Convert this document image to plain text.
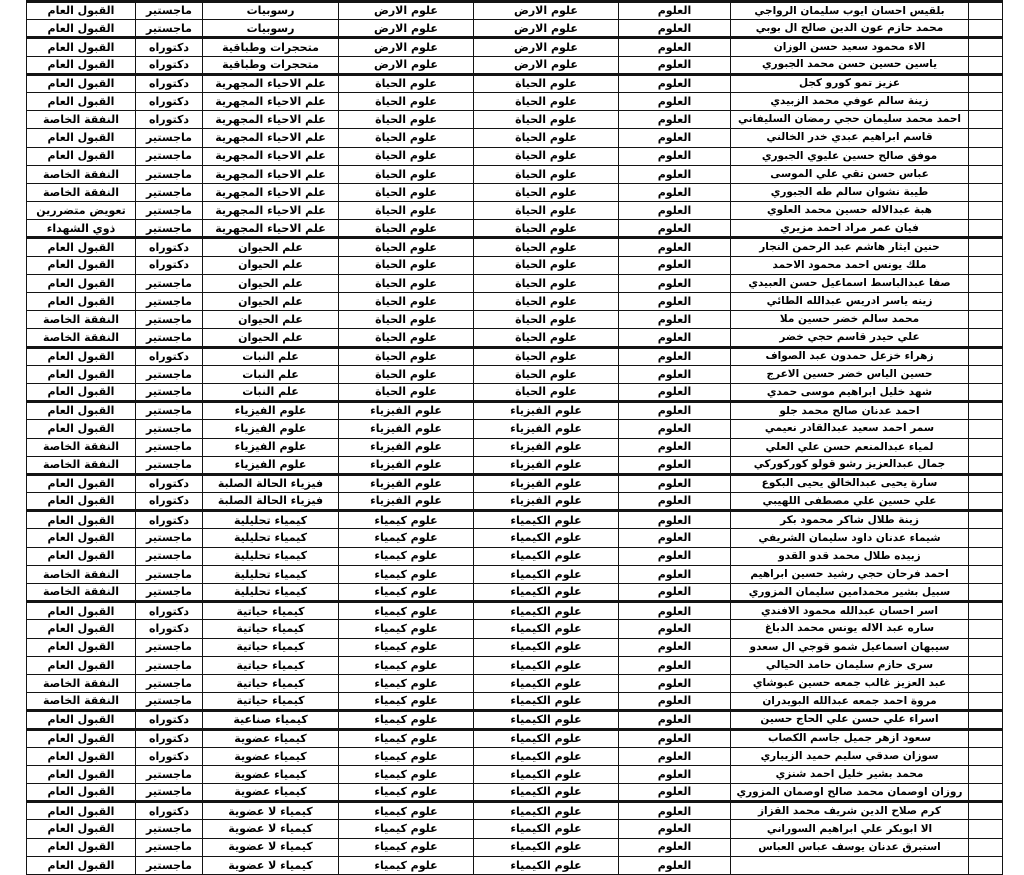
	بلقيس احسان ايوب سليمان الرواجي	العلوم	علوم الارض	علوم الارض	رسوبيات	ماجستير	القبول العام
	محمد حازم عون الدين صالح ال بوبي	العلوم	علوم الارض	علوم الارض	رسوبيات	ماجستير	القبول العام
	الاء محمود سعيد حسن الوزان	العلوم	علوم الارض	علوم الارض	متحجرات وطباقية	دكتوراه	القبول العام
	ياسين حسين حسن محمد الجبوري	العلوم	علوم الارض	علوم الارض	متحجرات وطباقية	دكتوراه	القبول العام
	عزيز تمو كورو كجل	العلوم	علوم الحياة	علوم الحياة	علم الاحياء المجهرية	دكتوراه	القبول العام
	زينة سالم عوفي محمد الزبيدي	العلوم	علوم الحياة	علوم الحياة	علم الاحياء المجهرية	دكتوراه	القبول العام
	احمد محمد سليمان حجي رمضان السليفاني	العلوم	علوم الحياة	علوم الحياة	علم الاحياء المجهرية	دكتوراه	النفقة الخاصة
	قاسم ابراهيم عبدي خدر الخالني	العلوم	علوم الحياة	علوم الحياة	علم الاحياء المجهرية	ماجستير	القبول العام
	موفق صالح حسين عليوي الجبوري	العلوم	علوم الحياة	علوم الحياة	علم الاحياء المجهرية	ماجستير	القبول العام
	عباس حسن تقي علي الموسى	العلوم	علوم الحياة	علوم الحياة	علم الاحياء المجهرية	ماجستير	النفقة الخاصة
	طيبة نشوان سالم طه الجبوري	العلوم	علوم الحياة	علوم الحياة	علم الاحياء المجهرية	ماجستير	النفقة الخاصة
	هبة عبدالاله حسين محمد العلوي	العلوم	علوم الحياة	علوم الحياة	علم الاحياء المجهرية	ماجستير	تعويض متضررين
	فيان عمر مراد احمد مزيري	العلوم	علوم الحياة	علوم الحياة	علم الاحياء المجهرية	ماجستير	ذوي الشهداء
	حنين ايثار هاشم عبد الرحمن النجار	العلوم	علوم الحياة	علوم الحياة	علم الحيوان	دكتوراه	القبول العام
	ملك يونس احمد محمود الاحمد	العلوم	علوم الحياة	علوم الحياة	علم الحيوان	دكتوراه	القبول العام
	صفا عبدالباسط اسماعيل حسن العبيدي	العلوم	علوم الحياة	علوم الحياة	علم الحيوان	ماجستير	القبول العام
	زينه ياسر ادريس عبدالله الطائي	العلوم	علوم الحياة	علوم الحياة	علم الحيوان	ماجستير	القبول العام
	محمد سالم خضر حسين ملا	العلوم	علوم الحياة	علوم الحياة	علم الحيوان	ماجستير	النفقة الخاصة
	علي حيدر قاسم حجي خضر	العلوم	علوم الحياة	علوم الحياة	علم الحيوان	ماجستير	النفقة الخاصة
	زهراء خزعل حمدون عبد الصواف	العلوم	علوم الحياة	علوم الحياة	علم النبات	دكتوراه	القبول العام
	حسين الياس خضر حسين الاعرج	العلوم	علوم الحياة	علوم الحياة	علم النبات	ماجستير	القبول العام
	شهد خليل ابراهيم موسى حمدي	العلوم	علوم الحياة	علوم الحياة	علم النبات	ماجستير	القبول العام
	احمد عدنان صالح محمد جلو	العلوم	علوم الفيزياء	علوم الفيزياء	علوم الفيزياء	ماجستير	القبول العام
	سمر احمد سعيد عبدالقادر نعيمي	العلوم	علوم الفيزياء	علوم الفيزياء	علوم الفيزياء	ماجستير	القبول العام
	لمياء عبدالمنعم حسن علي العلي	العلوم	علوم الفيزياء	علوم الفيزياء	علوم الفيزياء	ماجستير	النفقة الخاصة
	جمال عبدالعزيز رشو قولو كوركوركي	العلوم	علوم الفيزياء	علوم الفيزياء	علوم الفيزياء	ماجستير	النفقة الخاصة
	سارة يحيى عبدالخالق يحيى البكوع	العلوم	علوم الفيزياء	علوم الفيزياء	فيزياء الحالة الصلبة	دكتوراه	القبول العام
	علي حسين علي مصطفى اللهيبي	العلوم	علوم الفيزياء	علوم الفيزياء	فيزياء الحالة الصلبة	دكتوراه	القبول العام
	زينة طلال شاكر محمود بكر	العلوم	علوم الكيمياء	علوم كيمياء	كيمياء تحليلية	دكتوراه	القبول العام
	شيماء عدنان داود سليمان الشريفي	العلوم	علوم الكيمياء	علوم كيمياء	كيمياء تحليلية	ماجستير	القبول العام
	زبيده طلال محمد قدو القدو	العلوم	علوم الكيمياء	علوم كيمياء	كيمياء تحليلية	ماجستير	القبول العام
	احمد فرحان حجي رشيد حسين ابراهيم	العلوم	علوم الكيمياء	علوم كيمياء	كيمياء تحليلية	ماجستير	النفقة الخاصة
	سبيل بشير محمدامين سليمان المزوري	العلوم	علوم الكيمياء	علوم كيمياء	كيمياء تحليلية	ماجستير	النفقة الخاصة
	اسر احسان عبدالله محمود الافندي	العلوم	علوم الكيمياء	علوم كيمياء	كيمياء حياتية	دكتوراه	القبول العام
	ساره عبد الاله يونس محمد الدباغ	العلوم	علوم الكيمياء	علوم كيمياء	كيمياء حياتية	دكتوراه	القبول العام
	سيبهان اسماعيل شمو قوجي ال سعدو	العلوم	علوم الكيمياء	علوم كيمياء	كيمياء حياتية	ماجستير	القبول العام
	سرى حازم سليمان حامد الحيالي	العلوم	علوم الكيمياء	علوم كيمياء	كيمياء حياتية	ماجستير	القبول العام
	عبد العزيز غالب جمعه حسين عبوشاي	العلوم	علوم الكيمياء	علوم كيمياء	كيمياء حياتية	ماجستير	النفقة الخاصة
	مروة احمد جمعه عبدالله البويدران	العلوم	علوم الكيمياء	علوم كيمياء	كيمياء حياتية	ماجستير	النفقة الخاصة
	اسراء علي حسن علي الحاج حسين	العلوم	علوم الكيمياء	علوم كيمياء	كيمياء صناعية	دكتوراه	القبول العام
	سعود ازهر جميل جاسم الكصاب	العلوم	علوم الكيمياء	علوم كيمياء	كيمياء عضوية	دكتوراه	القبول العام
	سوزان صدقي سليم حميد الزيباري	العلوم	علوم الكيمياء	علوم كيمياء	كيمياء عضوية	دكتوراه	القبول العام
	محمد بشير خليل احمد شنزي	العلوم	علوم الكيمياء	علوم كيمياء	كيمياء عضوية	ماجستير	القبول العام
	روزان اوصمان محمد صالح اوصمان المزوري	العلوم	علوم الكيمياء	علوم كيمياء	كيمياء عضوية	ماجستير	القبول العام
	كرم صلاح الدين شريف محمد القزاز	العلوم	علوم الكيمياء	علوم كيمياء	كيمياء لا عضوية	دكتوراه	القبول العام
	الا ابوبكر علي ابراهيم السوراني	العلوم	علوم الكيمياء	علوم كيمياء	كيمياء لا عضوية	ماجستير	القبول العام
	استبرق عدنان يوسف عباس العباس	العلوم	علوم الكيمياء	علوم كيمياء	كيمياء لا عضوية	ماجستير	القبول العام
		العلوم	علوم الكيمياء	علوم كيمياء	كيمياء لا عضوية	ماجستير	القبول العام
